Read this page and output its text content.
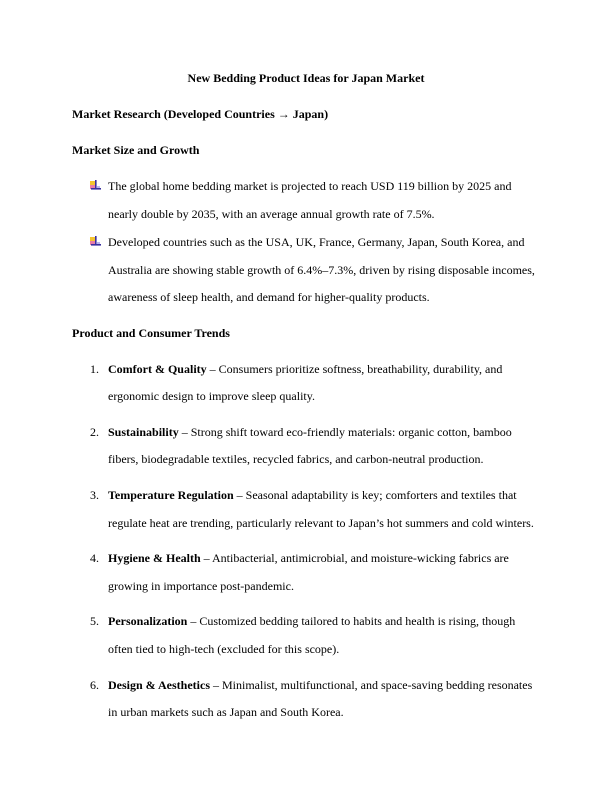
New Bedding Product Ideas for Japan Market
Market Research (Developed Countries → Japan)
Market Size and Growth
The global home bedding market is projected to reach USD 119 billion by 2025 and
nearly double by 2035, with an average annual growth rate of 7.5%.
Developed countries such as the USA, UK, France, Germany, Japan, South Korea, and
Australia are showing stable growth of 6.4%–7.3%, driven by rising disposable incomes,
awareness of sleep health, and demand for higher-quality products.
Product and Consumer Trends
1. Comfort & Quality – Consumers prioritize softness, breathability, durability, and
ergonomic design to improve sleep quality.
2. Sustainability – Strong shift toward eco-friendly materials: organic cotton, bamboo
fibers, biodegradable textiles, recycled fabrics, and carbon-neutral production.
3. Temperature Regulation – Seasonal adaptability is key; comforters and textiles that
regulate heat are trending, particularly relevant to Japan’s hot summers and cold winters.
4. Hygiene & Health – Antibacterial, antimicrobial, and moisture-wicking fabrics are
growing in importance post-pandemic.
5. Personalization – Customized bedding tailored to habits and health is rising, though
often tied to high-tech (excluded for this scope).
6. Design & Aesthetics – Minimalist, multifunctional, and space-saving bedding resonates
in urban markets such as Japan and South Korea.
